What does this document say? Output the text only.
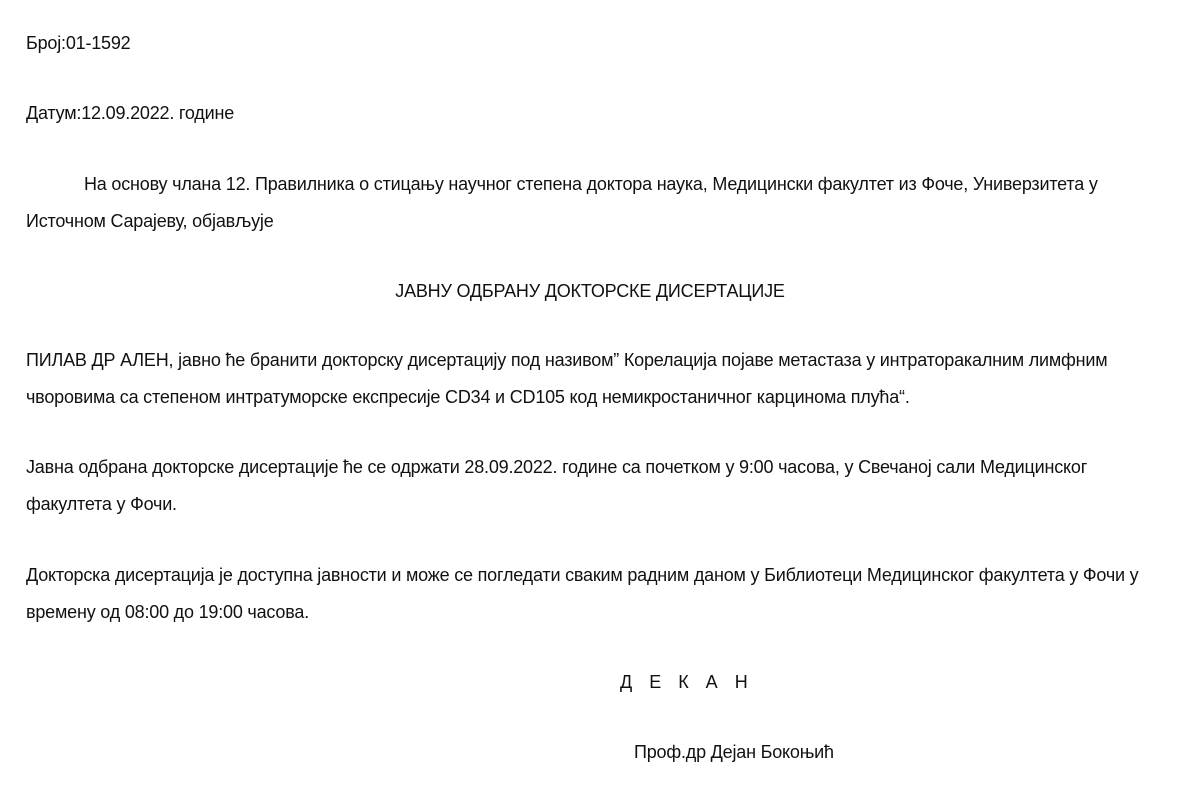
Број:01-1592
Датум:12.09.2022. године
На основу члана 12. Правилника о стицању научног степена доктора наука, Медицински факултет из Фоче, Универзитета у
Источном Сарајеву, објављује
ЈАВНУ ОДБРАНУ ДОКТОРСКЕ ДИСЕРТАЦИЈЕ
ПИЛАВ ДР АЛЕН, јавно ће бранити докторску дисертацију под називом” Корелација појаве метастаза у интраторакалним лимфним
чворовима са степеном интратуморске експресије CD34 и CD105 код немикростаничног карцинома плућа“.
Јавна одбрана докторске дисертације ће се одржати 28.09.2022. године са почетком у 9:00 часова, у Свечаној сали Медицинског
факултета у Фочи.
Докторска дисертација је доступна јавности и може се погледати сваким радним даном у Библиотеци Медицинског факултета у Фочи у
времену од 08:00 до 19:00 часова.
Д Е К А Н
Проф.др Дејан Бокоњић
